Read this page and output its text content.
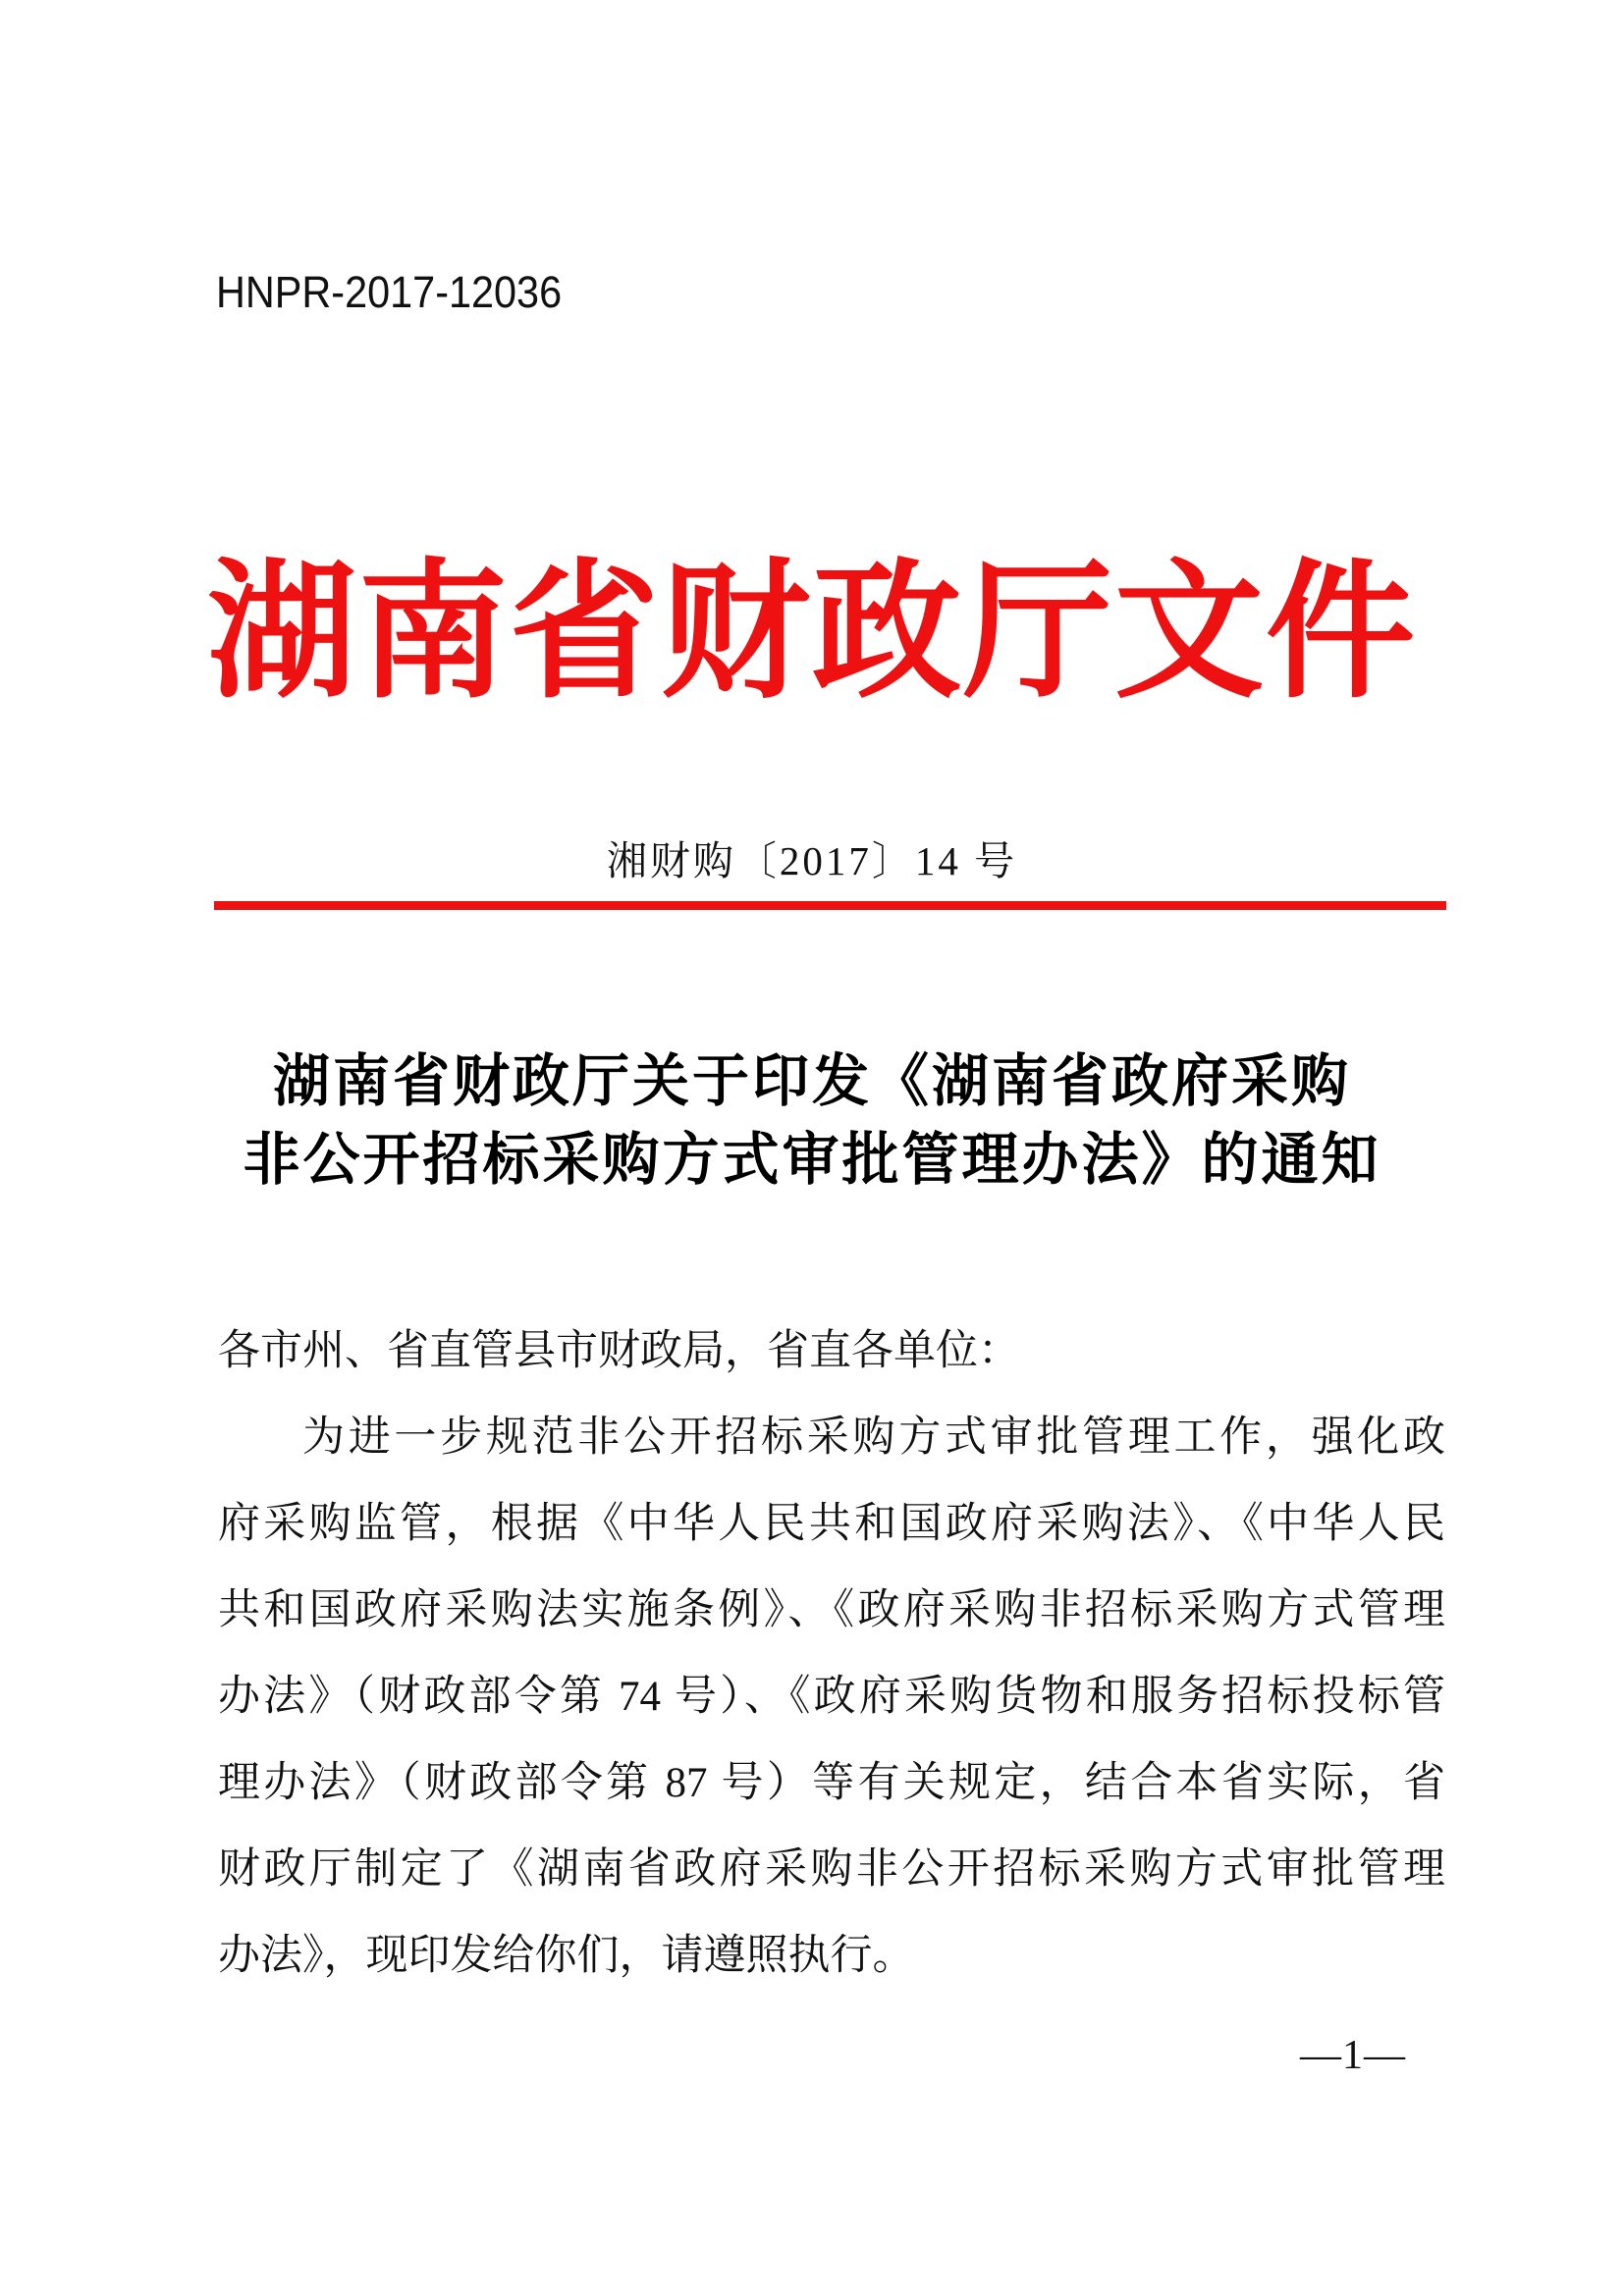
HNPR-2017-12036
湖南省财政厅文件
湘财购〔2017〕14 号
湖南省财政厅关于印发《湖南省政府采购
非公开招标采购方式审批管理办法》的通知
各市州、省直管县市财政局，省直各单位：
为进一步规范非公开招标采购方式审批管理工作，强化政
府采购监管，根据《中华人民共和国政府采购法》、《中华人民
共和国政府采购法实施条例》、《政府采购非招标采购方式管理
办法》（财政部令第 74 号）、《政府采购货物和服务招标投标管
理办法》（财政部令第 87 号）等有关规定，结合本省实际，省
财政厅制定了《湖南省政府采购非公开招标采购方式审批管理
办法》，现印发给你们，请遵照执行。
—1—
